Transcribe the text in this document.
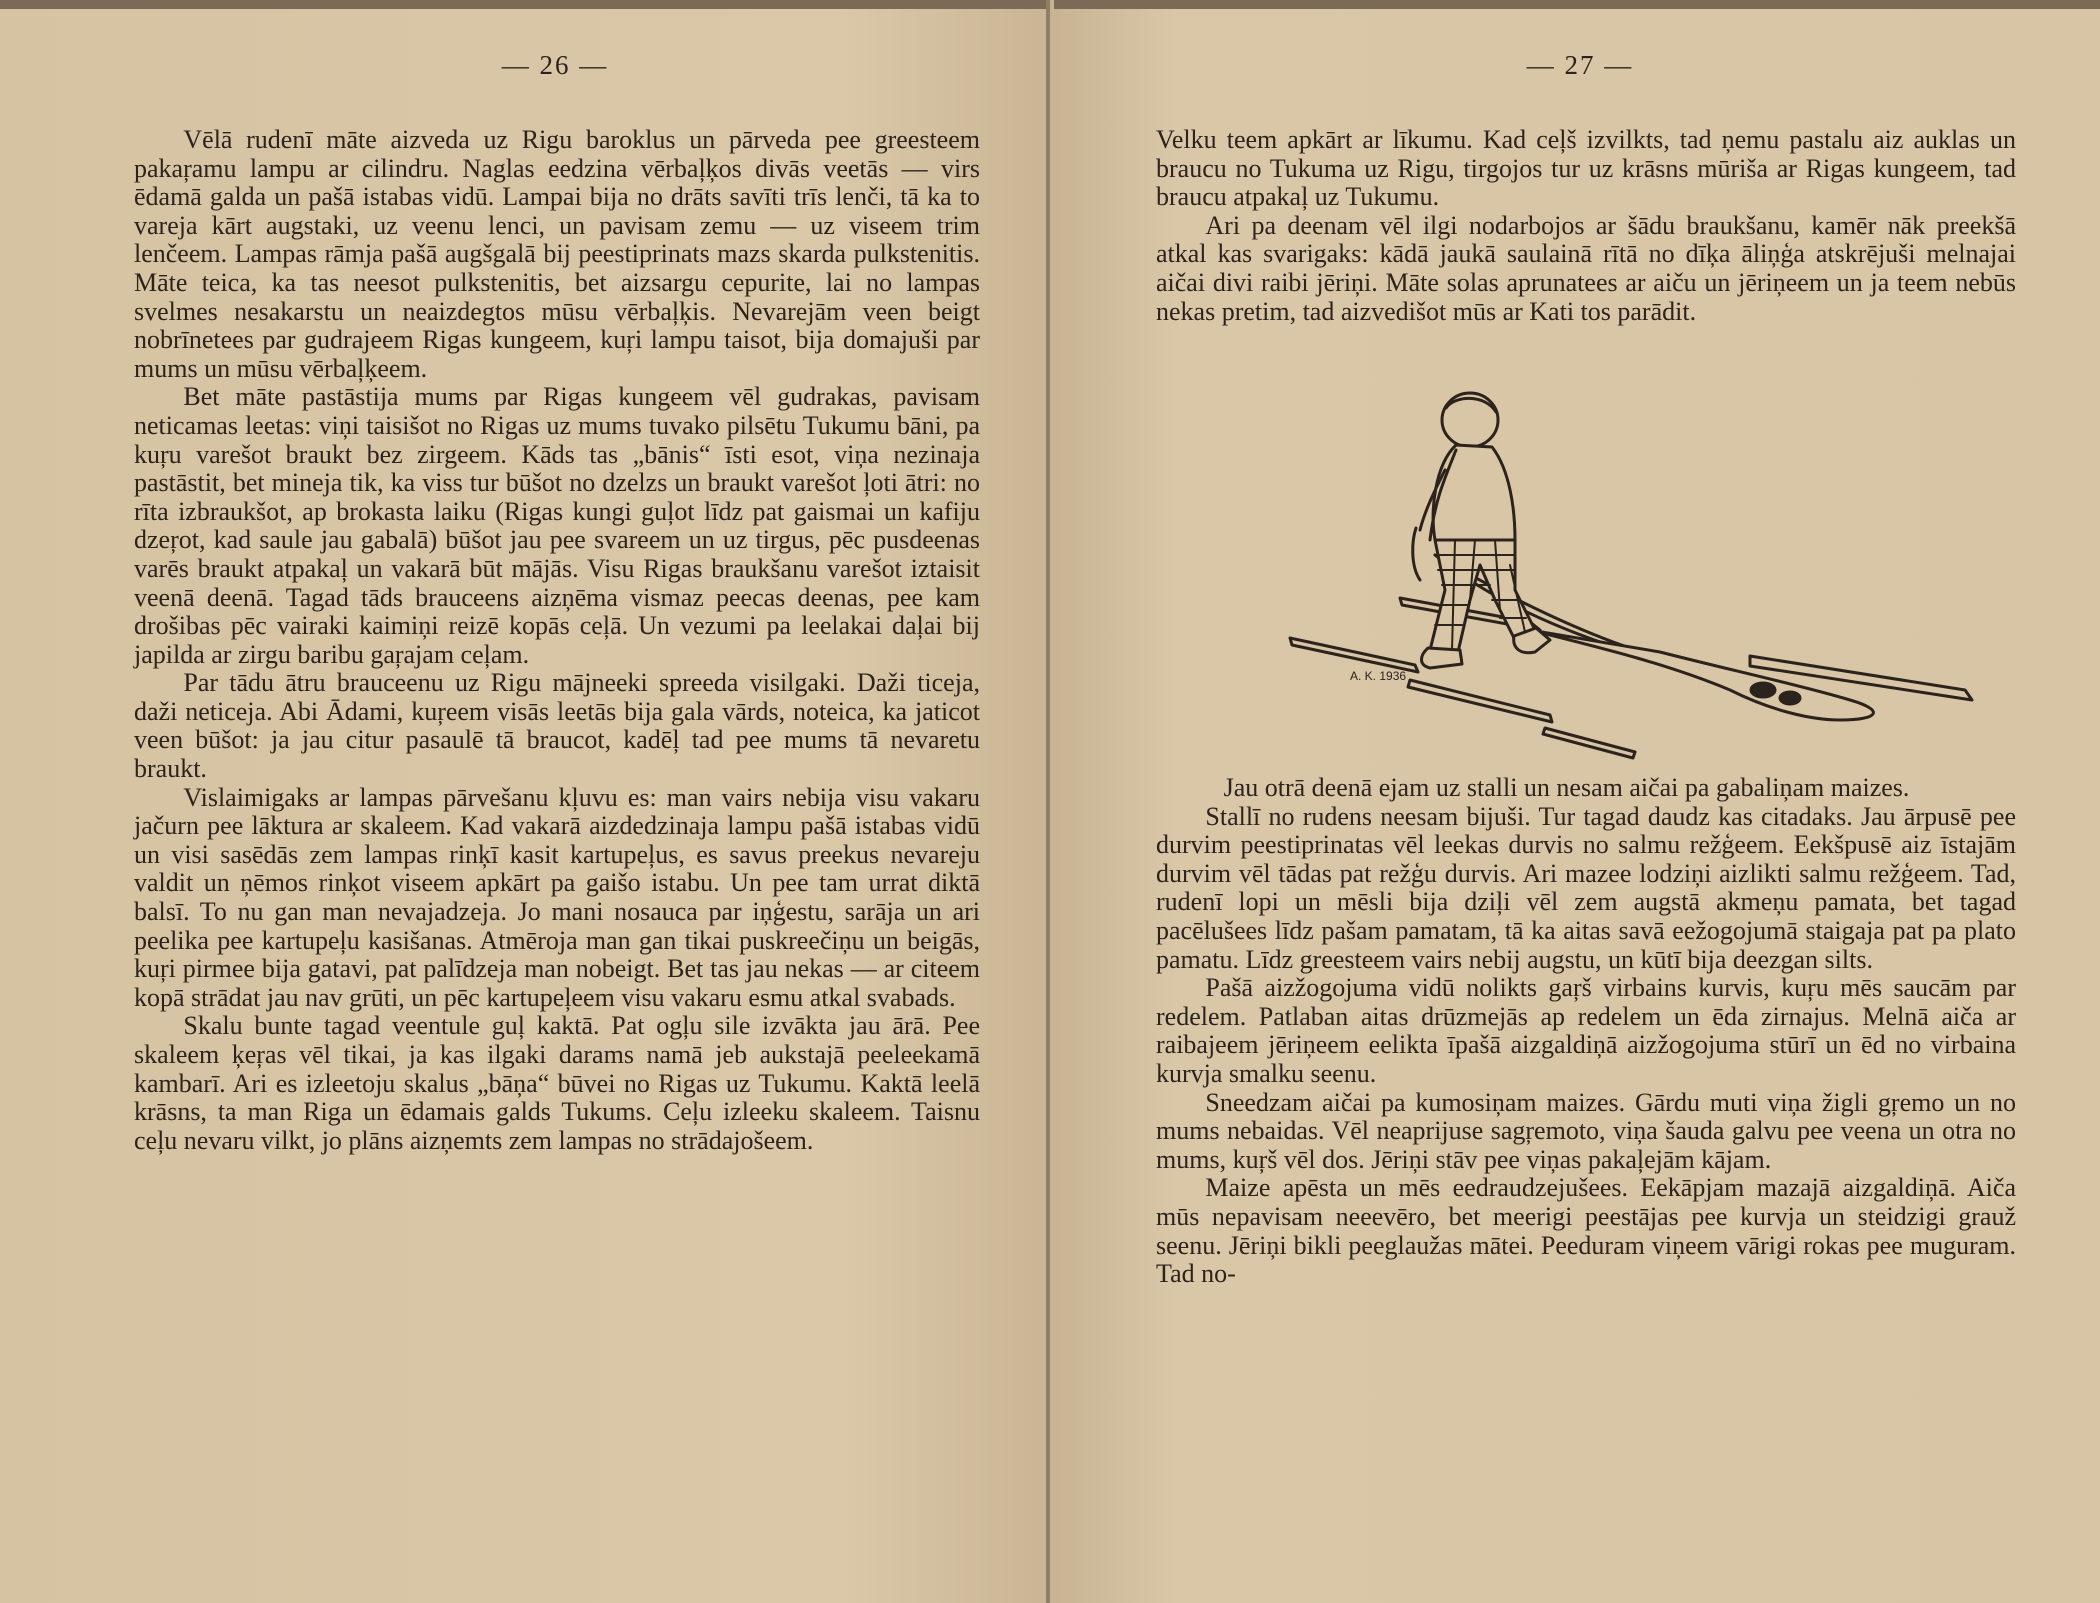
— 26 —

Vēlā rudenī māte aizveda uz Rigu baroklus un pārveda pee greesteem pakaŗamu lampu ar cilindru. Naglas eedzina vērbaļķos divās veetās — virs ēdamā galda un pašā istabas vidū. Lampai bija no drāts savīti trīs lenči, tā ka to vareja kārt augstaki, uz veenu lenci, un pavisam zemu — uz viseem trim lenčeem. Lampas rāmja pašā augšgalā bij peestiprinats mazs skarda pulkstenitis. Māte teica, ka tas neesot pulkstenitis, bet aizsargu cepurite, lai no lampas svelmes nesakarstu un neaizdegtos mūsu vērbaļķis. Nevarejām veen beigt nobrīnetees par gudrajeem Rigas kungeem, kuŗi lampu taisot, bija domajuši par mums un mūsu vērbaļķeem.

Bet māte pastāstija mums par Rigas kungeem vēl gudrakas, pavisam neticamas leetas: viņi taisišot no Rigas uz mums tuvako pilsētu Tukumu bāni, pa kuŗu varešot braukt bez zirgeem. Kāds tas „bānis“ īsti esot, viņa nezinaja pastāstit, bet mineja tik, ka viss tur būšot no dzelzs un braukt varešot ļoti ātri: no rīta izbraukšot, ap brokasta laiku (Rigas kungi guļot līdz pat gaismai un kafiju dzeŗot, kad saule jau gabalā) būšot jau pee svareem un uz tirgus, pēc pusdeenas varēs braukt atpakaļ un vakarā būt mājās. Visu Rigas braukšanu varešot iztaisit veenā deenā. Tagad tāds brauceens aizņēma vismaz peecas deenas, pee kam drošibas pēc vairaki kaimiņi reizē kopās ceļā. Un vezumi pa leelakai daļai bij japilda ar zirgu baribu gaŗajam ceļam.

Par tādu ātru brauceenu uz Rigu mājneeki spreeda visilgaki. Daži ticeja, daži neticeja. Abi Ādami, kuŗeem visās leetās bija gala vārds, noteica, ka jaticot veen būšot: ja jau citur pasaulē tā braucot, kadēļ tad pee mums tā nevaretu braukt.

Vislaimigaks ar lampas pārvešanu kļuvu es: man vairs nebija visu vakaru jačurn pee lāktura ar skaleem. Kad vakarā aizdedzinaja lampu pašā istabas vidū un visi sasēdās zem lampas rinķī kasit kartupeļus, es savus preekus nevareju valdit un ņēmos rinķot viseem apkārt pa gaišo istabu. Un pee tam urrat diktā balsī. To nu gan man nevajadzeja. Jo mani nosauca par iņģestu, sarāja un ari peelika pee kartupeļu kasišanas. Atmēroja man gan tikai puskreečiņu un beigās, kuŗi pirmee bija gatavi, pat palīdzeja man nobeigt. Bet tas jau nekas — ar citeem kopā strādat jau nav grūti, un pēc kartupeļeem visu vakaru esmu atkal svabads.

Skalu bunte tagad veentule guļ kaktā. Pat ogļu sile izvākta jau ārā. Pee skaleem ķeŗas vēl tikai, ja kas ilgaki darams namā jeb aukstajā peeleekamā kambarī. Ari es izleetoju skalus „bāņa“ būvei no Rigas uz Tukumu. Kaktā leelā krāsns, ta man Riga un ēdamais galds Tukums. Ceļu izleeku skaleem. Taisnu ceļu nevaru vilkt, jo plāns aizņemts zem lampas no strādajošeem.

— 27 —

Velku teem apkārt ar līkumu. Kad ceļš izvilkts, tad ņemu pastalu aiz auklas un braucu no Tukuma uz Rigu, tirgojos tur uz krāsns mūriša ar Rigas kungeem, tad braucu atpakaļ uz Tukumu.

Ari pa deenam vēl ilgi nodarbojos ar šādu braukšanu, kamēr nāk preekšā atkal kas svarigaks: kādā jaukā saulainā rītā no dīķa āliņģa atskrējuši melnajai aičai divi raibi jēriņi. Māte solas aprunatees ar aiču un jēriņeem un ja teem nebūs nekas pretim, tad aizvedišot mūs ar Kati tos parādit.

A. K. 1936

Jau otrā deenā ejam uz stalli un nesam aičai pa gabaliņam maizes.

Stallī no rudens neesam bijuši. Tur tagad daudz kas citadaks. Jau ārpusē pee durvim peestiprinatas vēl leekas durvis no salmu režģeem. Eekšpusē aiz īstajām durvim vēl tādas pat režģu durvis. Ari mazee lodziņi aizlikti salmu režģeem. Tad, rudenī lopi un mēsli bija dziļi vēl zem augstā akmeņu pamata, bet tagad pacēlušees līdz pašam pamatam, tā ka aitas savā eežogojumā staigaja pat pa plato pamatu. Līdz greesteem vairs nebij augstu, un kūtī bija deezgan silts.

Pašā aizžogojuma vidū nolikts gaŗš virbains kurvis, kuŗu mēs saucām par redelem. Patlaban aitas drūzmejās ap redelem un ēda zirnajus. Melnā aiča ar raibajeem jēriņeem eelikta īpašā aizgaldiņā aizžogojuma stūrī un ēd no virbaina kurvja smalku seenu.

Sneedzam aičai pa kumosiņam maizes. Gārdu muti viņa žigli gŗemo un no mums nebaidas. Vēl neaprijuse sagŗemoto, viņa šauda galvu pee veena un otra no mums, kuŗš vēl dos. Jēriņi stāv pee viņas pakaļejām kājam.

Maize apēsta un mēs eedraudzejušees. Eekāpjam mazajā aizgaldiņā. Aiča mūs nepavisam neeevēro, bet meerigi peestājas pee kurvja un steidzigi grauž seenu. Jēriņi bikli peeglaužas mātei. Peeduram viņeem vārigi rokas pee muguram. Tad no-
